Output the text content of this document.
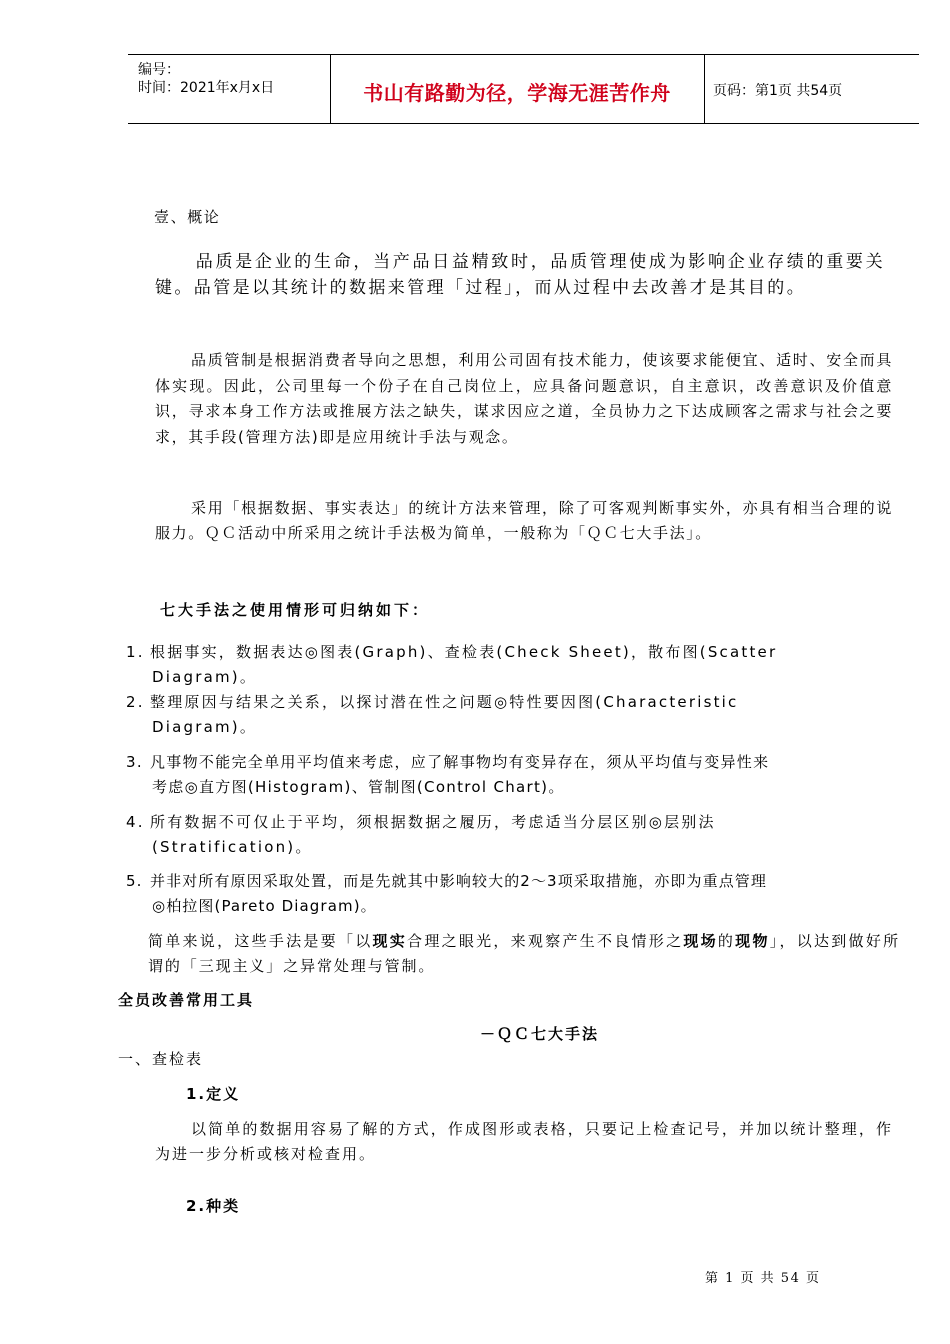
编号：
时间：2021年x月x日	书山有路勤为径，学海无涯苦作舟	页码：第1页 共54页
壹、概论
品质是企业的生命，当产品日益精致时，品质管理使成为影响企业存绩的重要关键。品管是以其统计的数据来管理「过程」，而从过程中去改善才是其目的。
品质管制是根据消费者导向之思想，利用公司固有技术能力，使该要求能便宜、适时、安全而具体实现。因此，公司里每一个份子在自己岗位上，应具备问题意识，自主意识，改善意识及价值意识，寻求本身工作方法或推展方法之缺失，谋求因应之道，全员协力之下达成顾客之需求与社会之要求，其手段(管理方法)即是应用统计手法与观念。
采用「根据数据、事实表达」的统计方法来管理，除了可客观判断事实外，亦具有相当合理的说服力。ＱＣ活动中所采用之统计手法极为简单，一般称为「ＱＣ七大手法」。
七大手法之使用情形可归纳如下：
1. 根据事实，数据表达◎图表(Graph)、查检表(Check Sheet)，散布图(Scatter
Diagram)。
2. 整理原因与结果之关系，以探讨潜在性之问题◎特性要因图(Characteristic
Diagram)。
3. 凡事物不能完全单用平均值来考虑，应了解事物均有变异存在，须从平均值与变异性来
考虑◎直方图(Histogram)、管制图(Control Chart)。
4. 所有数据不可仅止于平均，须根据数据之履历，考虑适当分层区别◎层别法
(Stratification)。
5. 并非对所有原因采取处置，而是先就其中影响较大的2～3项采取措施，亦即为重点管理
◎柏拉图(Pareto Diagram)。
简单来说，这些手法是要「以现实合理之眼光，来观察产生不良情形之现场的现物」，以达到做好所谓的「三现主义」之异常处理与管制。
全员改善常用工具
－ＱＣ七大手法
一、查检表
1.定义
以简单的数据用容易了解的方式，作成图形或表格，只要记上检查记号，并加以统计整理，作为进一步分析或核对检查用。
2.种类
第 1 页 共 54 页
